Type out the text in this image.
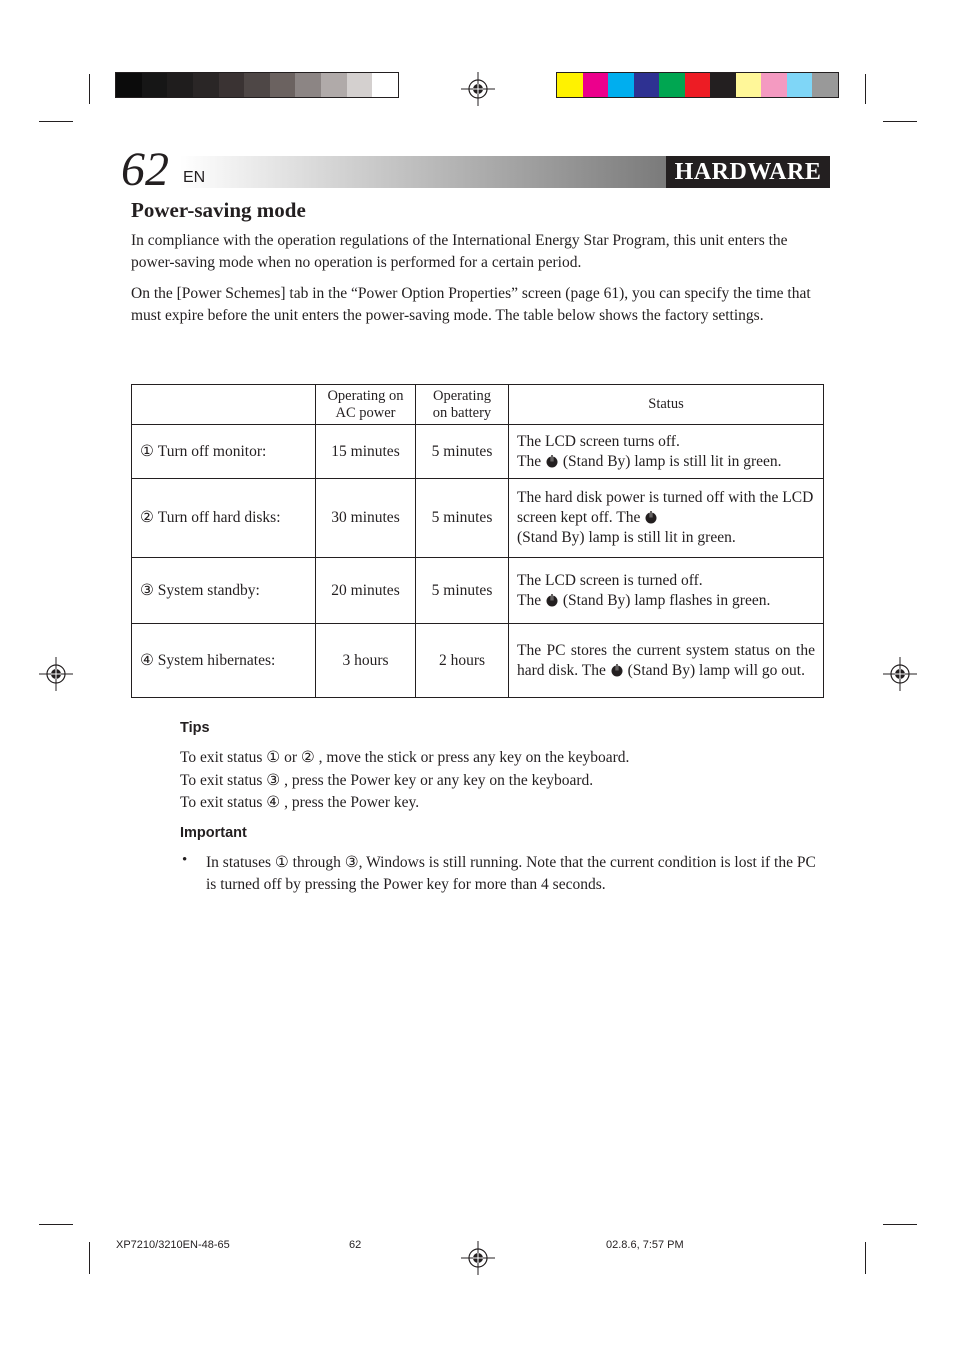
HARDWARE
62 EN
Power-saving mode
In compliance with the operation regulations of the International Energy Star Program, this unit enters the power-saving mode when no operation is performed for a certain period.
On the [Power Schemes] tab in the “Power Option Properties” screen (page 61), you can specify the time that must expire before the unit enters the power-saving mode. The table below shows the factory settings.
	Operating on AC power	Operating on battery	Status
① Turn off monitor:	15 minutes	5 minutes	The LCD screen turns off.
The (Stand By) lamp is still lit in green.
② Turn off hard disks:	30 minutes	5 minutes	The hard disk power is turned off with the LCD screen kept off. The
(Stand By) lamp is still lit in green.
③ System standby:	20 minutes	5 minutes	The LCD screen is turned off.
The (Stand By) lamp flashes in green.
④ System hibernates:	3 hours	2 hours	The PC stores the current system status on the hard disk. The (Stand By) lamp will go out.
Tips
To exit status ① or ② , move the stick or press any key on the keyboard.
To exit status ③ , press the Power key or any key on the keyboard.
To exit status ④ , press the Power key.
Important
• In statuses ① through ③, Windows is still running. Note that the current condition is lost if the PC is turned off by pressing the Power key for more than 4 seconds.
XP7210/3210EN-48-65	62	02.8.6, 7:57 PM
